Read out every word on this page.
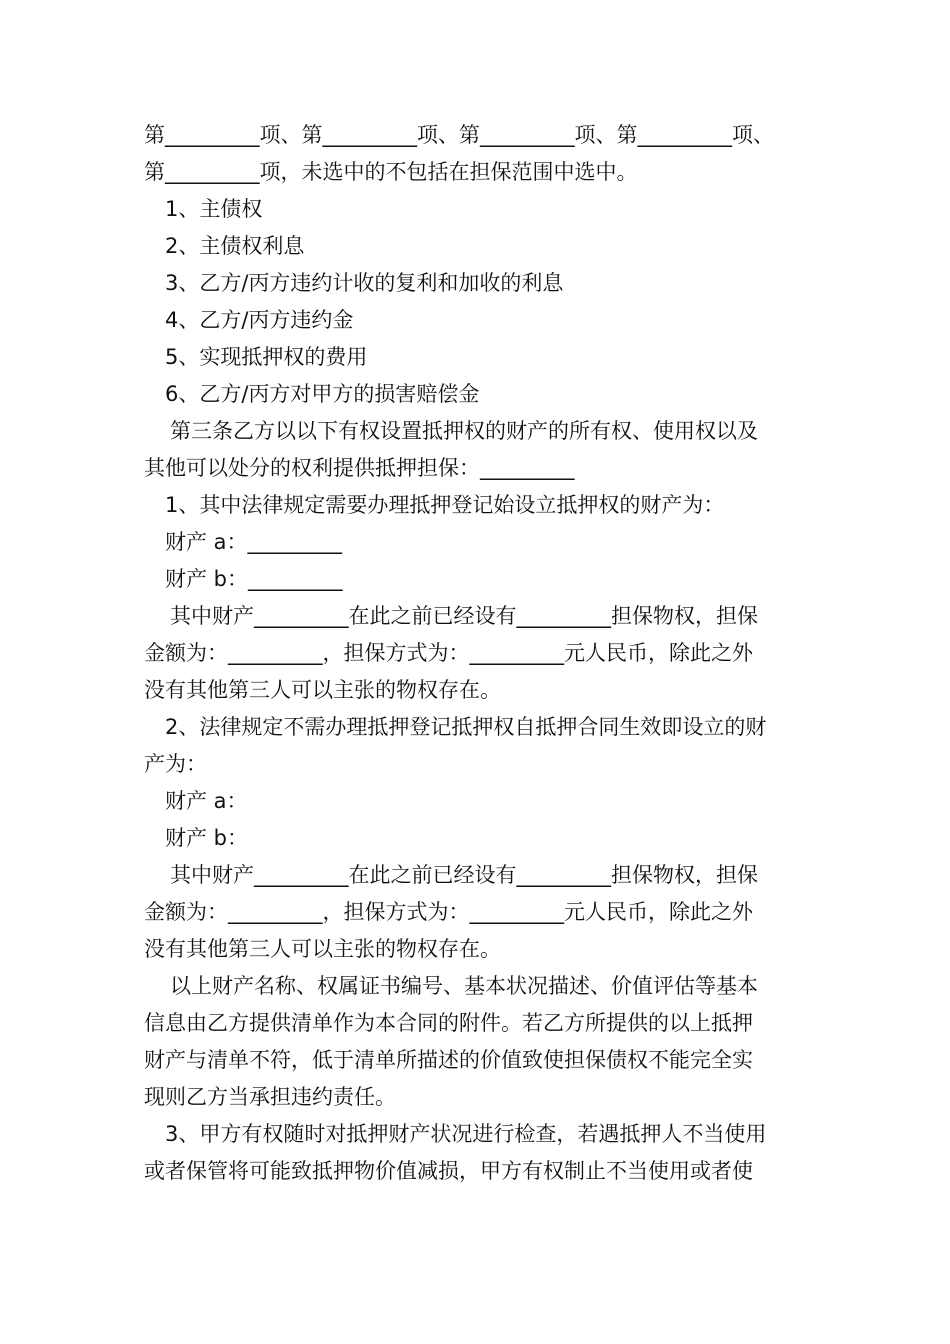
第_________项、第_________项、第_________项、第_________项、
第_________项，未选中的不包括在担保范围中选中。
1、主债权
2、主债权利息
3、乙方/丙方违约计收的复利和加收的利息
4、乙方/丙方违约金
5、实现抵押权的费用
6、乙方/丙方对甲方的损害赔偿金
第三条乙方以以下有权设置抵押权的财产的所有权、使用权以及
其他可以处分的权利提供抵押担保：_________
1、其中法律规定需要办理抵押登记始设立抵押权的财产为：
财产 a：_________
财产 b：_________
其中财产_________在此之前已经设有_________担保物权，担保
金额为：_________，担保方式为：_________元人民币，除此之外
没有其他第三人可以主张的物权存在。
2、法律规定不需办理抵押登记抵押权自抵押合同生效即设立的财
产为：
财产 a：
财产 b：
其中财产_________在此之前已经设有_________担保物权，担保
金额为：_________，担保方式为：_________元人民币，除此之外
没有其他第三人可以主张的物权存在。
以上财产名称、权属证书编号、基本状况描述、价值评估等基本
信息由乙方提供清单作为本合同的附件。若乙方所提供的以上抵押
财产与清单不符，低于清单所描述的价值致使担保债权不能完全实
现则乙方当承担违约责任。
3、甲方有权随时对抵押财产状况进行检查，若遇抵押人不当使用
或者保管将可能致抵押物价值减损，甲方有权制止不当使用或者使
